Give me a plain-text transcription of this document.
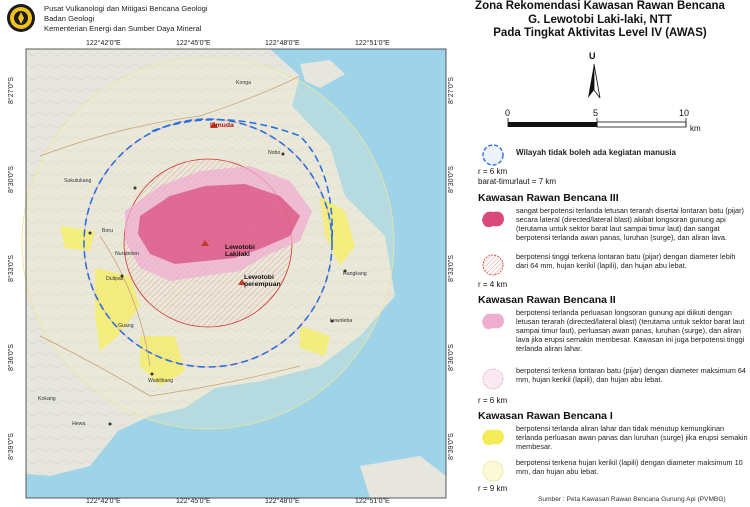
Pusat Vulkanologi dan Mitigasi Bencana Geologi
Badan Geologi
Kementerian Energi dan Sumber Daya Mineral
Zona Rekomendasi Kawasan Rawan Bencana
G. Lewotobi Laki-laki, NTT
Pada Tingkat Aktivitas Level IV (AWAS)
122°42'0"E	122°45'0"E	122°48'0"E	122°51'0"E
122°42'0"E	122°45'0"E	122°48'0"E	122°51'0"E
8°27'0"S
8°30'0"S
8°33'0"S
8°36'0"S
8°39'0"S
8°27'0"S
8°30'0"S
8°33'0"S
8°36'0"S
8°39'0"S
Lewotobi
Lakilaki
Lewotobi
perempuan
Ilimuda
Konga
Nobo
Sukutukang
Boru
Nurabelen
Dulipali
Rangkang
Lewoleba
Waiklibang
Hewa
Kokang
Guang
U
0	5	10
km
Wilayah tidak boleh ada kegiatan manusia
r = 6 km
barat-timurlaut = 7 km
Kawasan Rawan Bencana III
sangat berpotensi terlanda letusan terarah disertai lontaran batu (pijar) secara lateral (directed/lateral blast) akibat longsoran gunung api (terutama untuk sektor barat laut sampai timur laut) dan sangat berpotensi terlanda awan panas, luruhan (surge), dan aliran lava.
berpotensi tinggi terkena lontaran batu (pijar) dengan diameter lebih dari 64 mm, hujan kerikil (lapili), dan hujan abu lebat.
r = 4 km
Kawasan Rawan Bencana II
berpotensi terlanda perluasan longsoran gunung api diikuti dengan letusan terarah (directed/lateral blast) (terutama untuk sektor barat laut sampai timur laut), perluasan awan panas, luruhan (surge), dan aliran lava jika erupsi semakin membesar. Kawasan ini juga berpotensi tinggi terlanda aliran lahar.
berpotensi terkena lontaran batu (pijar) dengan diameter maksimum 64 mm, hujan kerikil (lapili), dan hujan abu lebat.
r = 6 km
Kawasan Rawan Bencana I
berpotensi terlanda aliran lahar dan tidak menutup kemungkinan terlanda perluasan awan panas dan luruhan (surge) jika erupsi semakin membesar.
berpotensi terkena hujan kerikil (lapili) dengan diameter maksimum 10 mm, dan hujan abu lebat.
r = 9 km
Sumber : Peta Kawasan Rawan Bencana Gunung Api (PVMBG)
